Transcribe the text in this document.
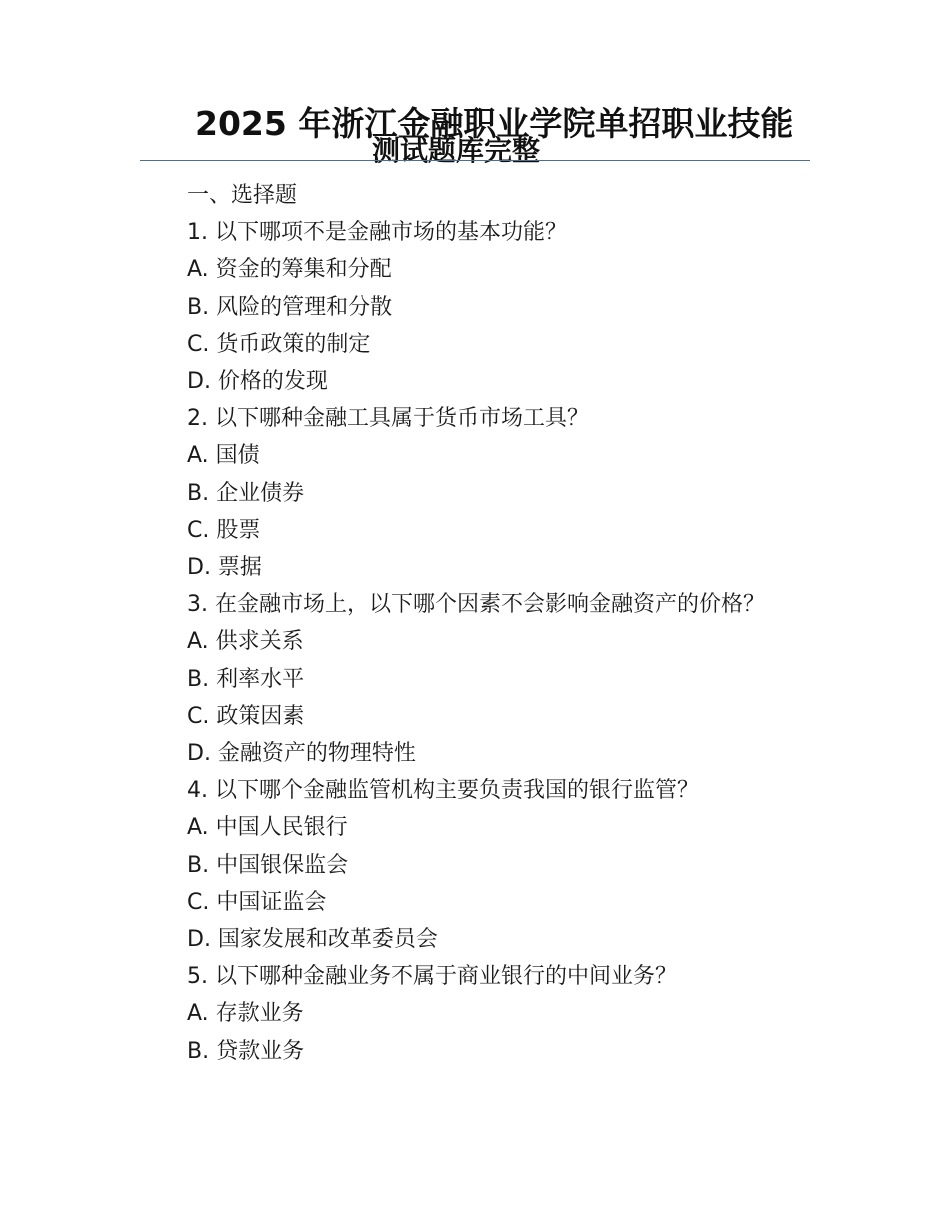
测试题库完整
2025 年浙江金融职业学院单招职业技能
一、选择题
1. 以下哪项不是金融市场的基本功能？
A. 资金的筹集和分配
B. 风险的管理和分散
C. 货币政策的制定
D. 价格的发现
2. 以下哪种金融工具属于货币市场工具？
A. 国债
B. 企业债券
C. 股票
D. 票据
3. 在金融市场上，以下哪个因素不会影响金融资产的价格？
A. 供求关系
B. 利率水平
C. 政策因素
D. 金融资产的物理特性
4. 以下哪个金融监管机构主要负责我国的银行监管？
A. 中国人民银行
B. 中国银保监会
C. 中国证监会
D. 国家发展和改革委员会
5. 以下哪种金融业务不属于商业银行的中间业务？
A. 存款业务
B. 贷款业务
